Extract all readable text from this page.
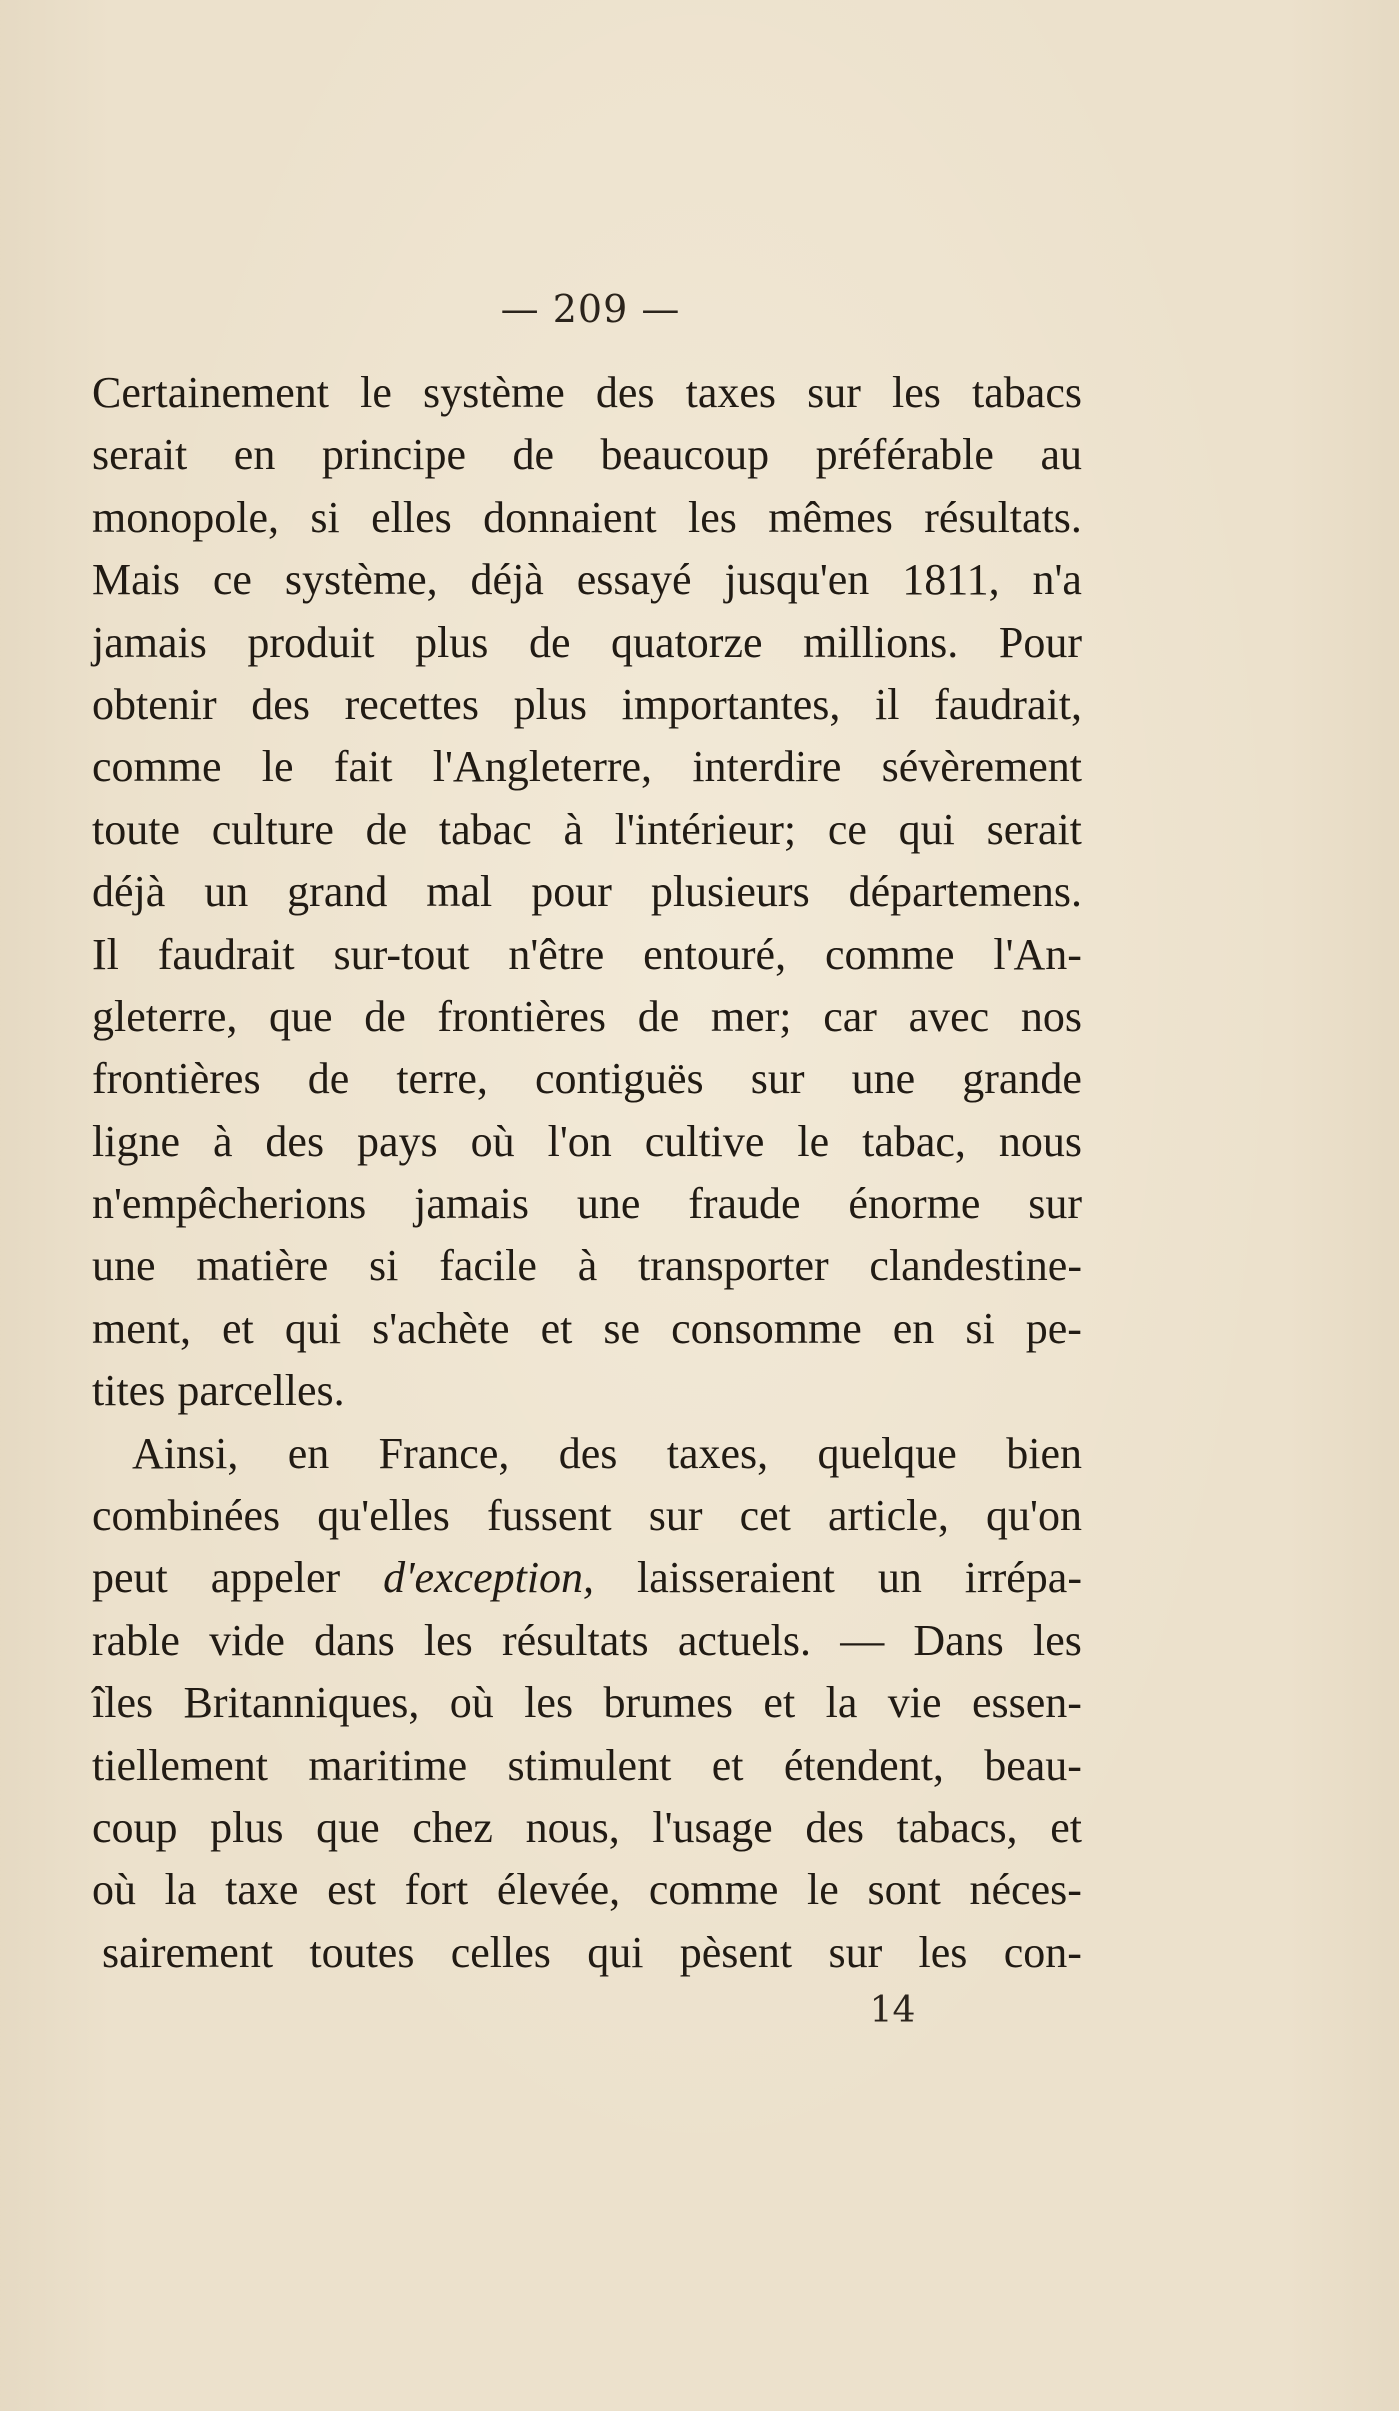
— 209 —
Certainement le système des taxes sur les tabacs
serait en principe de beaucoup préférable au
monopole, si elles donnaient les mêmes résultats.
Mais ce système, déjà essayé jusqu'en 1811, n'a
jamais produit plus de quatorze millions. Pour
obtenir des recettes plus importantes, il faudrait,
comme le fait l'Angleterre, interdire sévèrement
toute culture de tabac à l'intérieur; ce qui serait
déjà un grand mal pour plusieurs départemens.
Il faudrait sur-tout n'être entouré, comme l'An-
gleterre, que de frontières de mer; car avec nos
frontières de terre, contiguës sur une grande
ligne à des pays où l'on cultive le tabac, nous
n'empêcherions jamais une fraude énorme sur
une matière si facile à transporter clandestine-
ment, et qui s'achète et se consomme en si pe-
tites parcelles.
Ainsi, en France, des taxes, quelque bien
combinées qu'elles fussent sur cet article, qu'on
peut appeler d'exception, laisseraient un irrépa-
rable vide dans les résultats actuels. — Dans les
îles Britanniques, où les brumes et la vie essen-
tiellement maritime stimulent et étendent, beau-
coup plus que chez nous, l'usage des tabacs, et
où la taxe est fort élevée, comme le sont néces-
sairement toutes celles qui pèsent sur les con-
14
